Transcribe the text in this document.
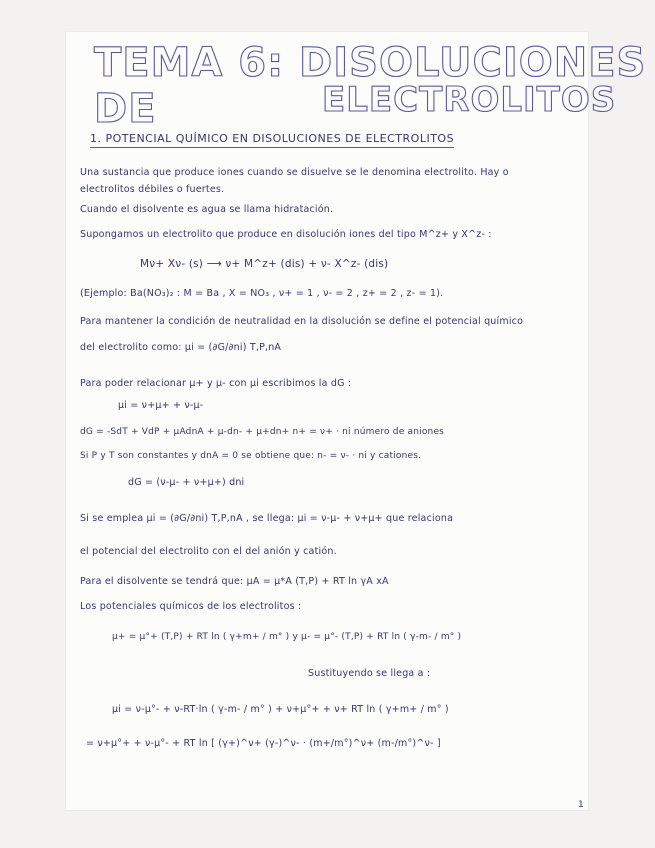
TEMA 6: DISOLUCIONES DE	ELECTROLITOS
1. POTENCIAL QUÍMICO EN DISOLUCIONES DE ELECTROLITOS
Una sustancia que produce iones cuando se disuelve se le denomina electrolito. Hay o
electrolitos débiles o fuertes.
Cuando el disolvente es agua se llama hidratación.
Supongamos un electrolito que produce en disolución iones del tipo M^z+ y X^z- :
Mν+ Xν- (s) ⟶ ν+ M^z+ (dis) + ν- X^z- (dis)
(Ejemplo: Ba(NO₃)₂ : M = Ba , X = NO₃ , ν+ = 1 , ν- = 2 , z+ = 2 , z- = 1).
Para mantener la condición de neutralidad en la disolución se define el potencial químico
del electrolito como: μi = (∂G/∂ni) T,P,nA
Para poder relacionar μ+ y μ- con μi escribimos la dG :
μi = ν+μ+ + ν-μ-
dG = -SdT + VdP + μAdnA + μ-dn- + μ+dn+ n+ = ν+ · ni número de aniones
Si P y T son constantes y dnA = 0 se obtiene que: n- = ν- · ni y cationes.
dG = (ν-μ- + ν+μ+) dni
Si se emplea μi = (∂G/∂ni) T,P,nA , se llega: μi = ν-μ- + ν+μ+ que relaciona
el potencial del electrolito con el del anión y catión.
Para el disolvente se tendrá que: μA = μ*A (T,P) + RT ln γA xA
Los potenciales químicos de los electrolitos :
μ+ = μ°+ (T,P) + RT ln ( γ+m+ / m° ) y μ- = μ°- (T,P) + RT ln ( γ-m- / m° )
Sustituyendo se llega a :
μi = ν-μ°- + ν-RT·ln ( γ-m- / m° ) + ν+μ°+ + ν+ RT ln ( γ+m+ / m° )
= ν+μ°+ + ν-μ°- + RT ln [ (γ+)^ν+ (γ-)^ν- · (m+/m°)^ν+ (m-/m°)^ν- ]
1
